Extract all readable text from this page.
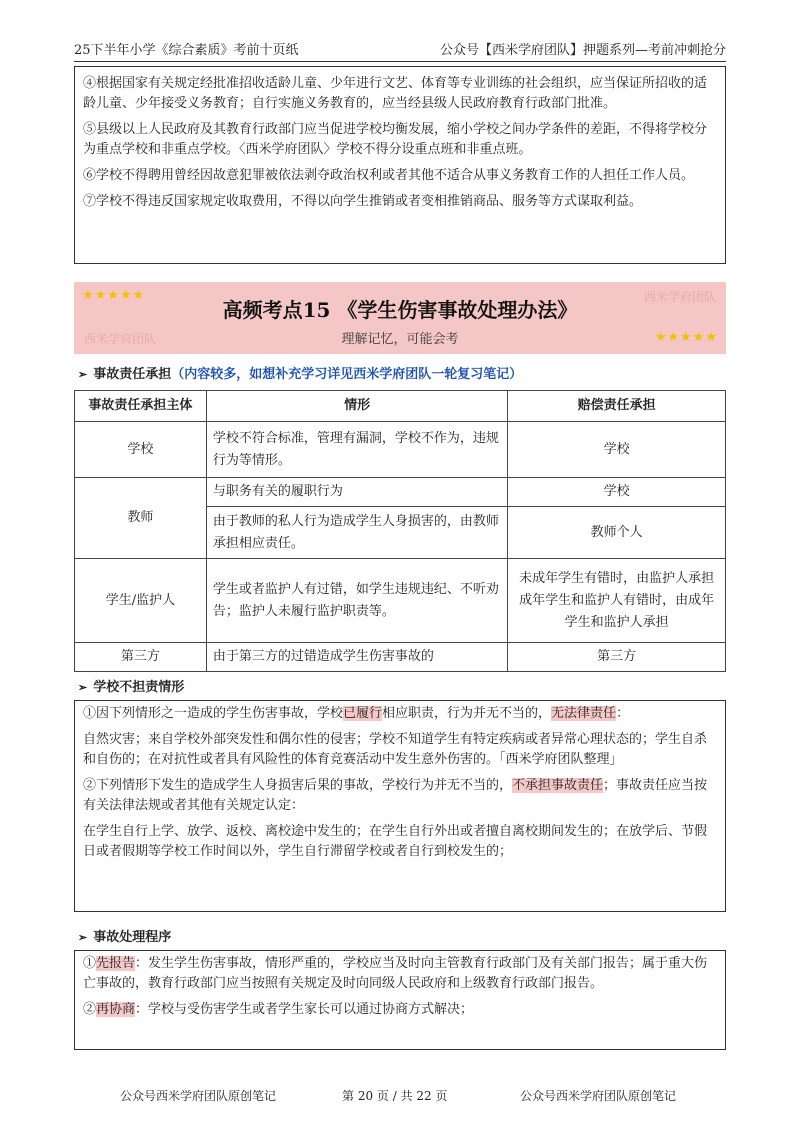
25下半年小学《综合素质》考前十页纸	公众号【西米学府团队】押题系列—考前冲刺抢分

④根据国家有关规定经批准招收适龄儿童、少年进行文艺、体育等专业训练的社会组织，应当保证所招收的适龄儿童、少年接受义务教育；自行实施义务教育的，应当经县级人民政府教育行政部门批准。

⑤县级以上人民政府及其教育行政部门应当促进学校均衡发展，缩小学校之间办学条件的差距，不得将学校分为重点学校和非重点学校。〈西米学府团队〉学校不得分设重点班和非重点班。

⑥学校不得聘用曾经因故意犯罪被依法剥夺政治权利或者其他不适合从事义务教育工作的人担任工作人员。

⑦学校不得违反国家规定收取费用，不得以向学生推销或者变相推销商品、服务等方式谋取利益。

★★★★★	西米学府团队
西米学府团队	★★★★★
高频考点15 《学生伤害事故处理办法》
理解记忆，可能会考
➢ 事故责任承担（内容较多，如想补充学习详见西米学府团队一轮复习笔记）
事故责任承担主体	情形	赔偿责任承担
学校	学校不符合标准，管理有漏洞，学校不作为，违规行为等情形。	学校
教师	与职务有关的履职行为	学校
	由于教师的私人行为造成学生人身损害的，由教师承担相应责任。	教师个人
学生/监护人	学生或者监护人有过错，如学生违规违纪、不听劝告；监护人未履行监护职责等。	未成年学生有错时，由监护人承担成年学生和监护人有错时，由成年学生和监护人承担
第三方	由于第三方的过错造成学生伤害事故的	第三方
➢ 学校不担责情形

①因下列情形之一造成的学生伤害事故，学校已履行相应职责，行为并无不当的，无法律责任：

自然灾害；来自学校外部突发性和偶尔性的侵害；学校不知道学生有特定疾病或者异常心理状态的；学生自杀和自伤的；在对抗性或者具有风险性的体育竞赛活动中发生意外伤害的。「西米学府团队整理」

②下列情形下发生的造成学生人身损害后果的事故，学校行为并无不当的，不承担事故责任；事故责任应当按有关法律法规或者其他有关规定认定：

在学生自行上学、放学、返校、离校途中发生的；在学生自行外出或者擅自离校期间发生的；在放学后、节假日或者假期等学校工作时间以外，学生自行滞留学校或者自行到校发生的；

➢ 事故处理程序

①先报告：发生学生伤害事故，情形严重的，学校应当及时向主管教育行政部门及有关部门报告；属于重大伤亡事故的，教育行政部门应当按照有关规定及时向同级人民政府和上级教育行政部门报告。

②再协商：学校与受伤害学生或者学生家长可以通过协商方式解决；

公众号西米学府团队原创笔记	第 20 页 / 共 22 页	公众号西米学府团队原创笔记
